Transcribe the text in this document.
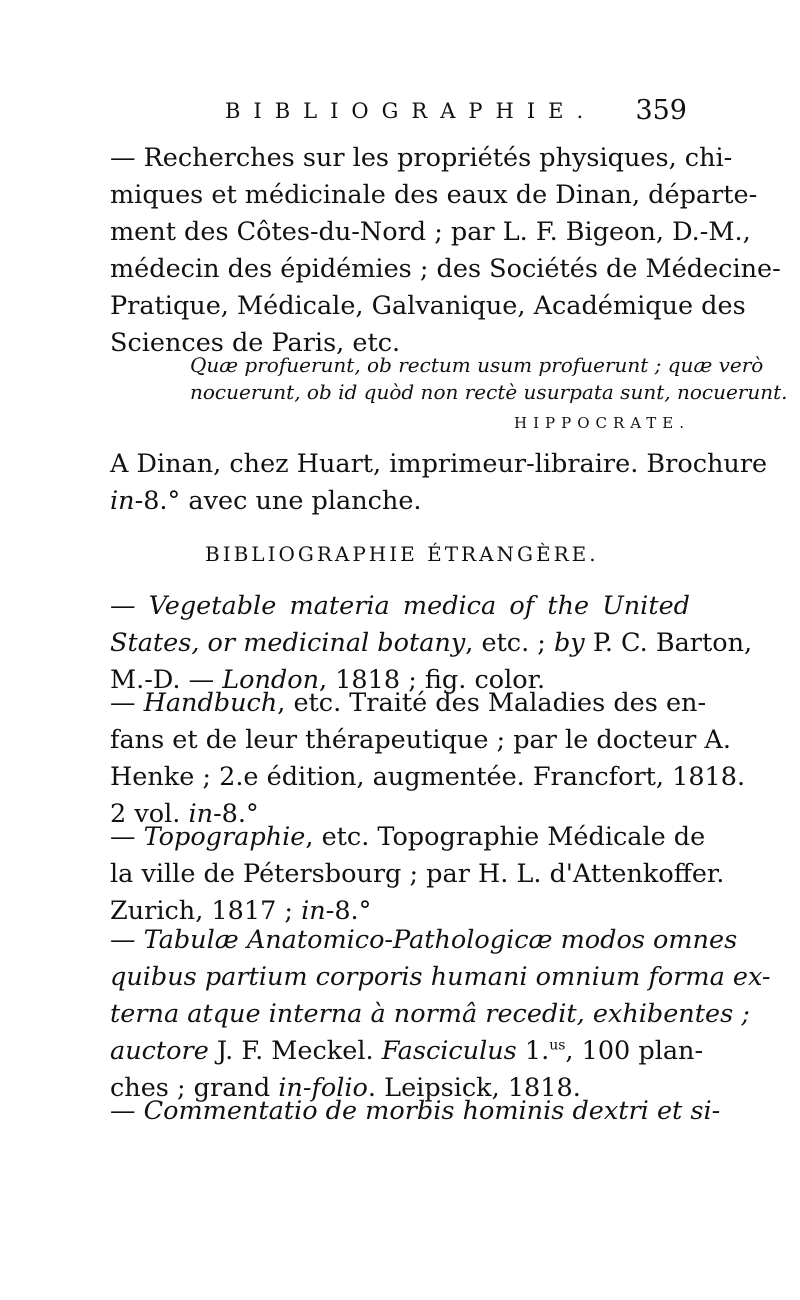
BIBLIOGRAPHIE. 359
— Recherches sur les propriétés physiques, chi-
miques et médicinale des eaux de Dinan, départe-
ment des Côtes-du-Nord ; par L. F. Bigeon, D.-M.,
médecin des épidémies ; des Sociétés de Médecine-
Pratique, Médicale, Galvanique, Académique des
Sciences de Paris, etc.
Quæ profuerunt, ob rectum usum profuerunt ; quæ verò
nocuerunt, ob id quòd non rectè usurpata sunt, nocuerunt.
HIPPOCRATE.
A Dinan, chez Huart, imprimeur-libraire. Brochure
in-8.° avec une planche.
BIBLIOGRAPHIE ÉTRANGÈRE.
— Vegetable materia medica of the United
States, or medicinal botany, etc. ; by P. C. Barton,
M.-D. — London, 1818 ; fig. color.
— Handbuch, etc. Traité des Maladies des en-
fans et de leur thérapeutique ; par le docteur A.
Henke ; 2.e édition, augmentée. Francfort, 1818.
2 vol. in-8.°
— Topographie, etc. Topographie Médicale de
la ville de Pétersbourg ; par H. L. d'Attenkoffer.
Zurich, 1817 ; in-8.°
— Tabulæ Anatomico-Pathologicæ modos omnes
quibus partium corporis humani omnium forma ex-
terna atque interna à normâ recedit, exhibentes ;
auctore J. F. Meckel. Fasciculus 1.$^{us}$, 100 plan-
ches ; grand in-folio. Leipsick, 1818.
— Commentatio de morbis hominis dextri et si-
